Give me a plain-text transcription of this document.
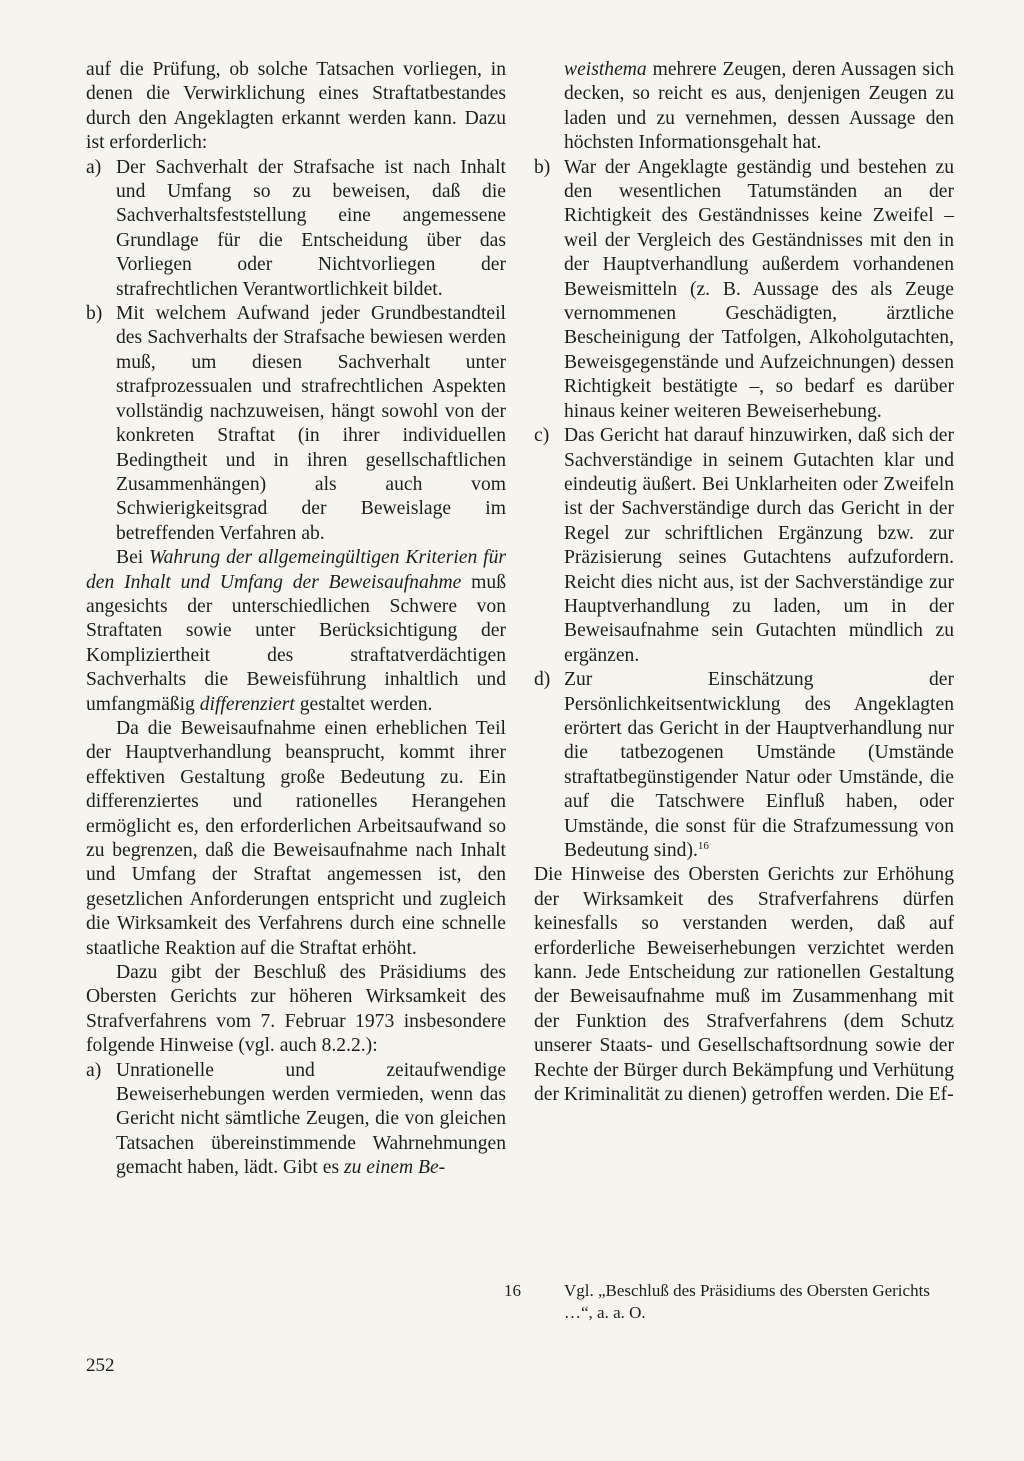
auf die Prüfung, ob solche Tatsachen vorliegen, in denen die Verwirklichung eines Straftatbestandes durch den Angeklagten erkannt werden kann. Dazu ist erforderlich:

a) Der Sachverhalt der Strafsache ist nach Inhalt und Umfang so zu beweisen, daß die Sachverhaltsfeststellung eine angemessene Grundlage für die Entscheidung über das Vorliegen oder Nichtvorliegen der strafrechtlichen Verantwortlichkeit bildet.

b) Mit welchem Aufwand jeder Grundbestandteil des Sachverhalts der Strafsache bewiesen werden muß, um diesen Sachverhalt unter strafprozessualen und strafrechtlichen Aspekten vollständig nachzuweisen, hängt sowohl von der konkreten Straftat (in ihrer individuellen Bedingtheit und in ihren gesellschaftlichen Zusammenhängen) als auch vom Schwierigkeitsgrad der Beweislage im betreffenden Verfahren ab.

Bei Wahrung der allgemeingültigen Kriterien für den Inhalt und Umfang der Beweisaufnahme muß angesichts der unterschiedlichen Schwere von Straftaten sowie unter Berücksichtigung der Kompliziertheit des straftatverdächtigen Sachverhalts die Beweisführung inhaltlich und umfangmäßig differenziert gestaltet werden.

Da die Beweisaufnahme einen erheblichen Teil der Hauptverhandlung beansprucht, kommt ihrer effektiven Gestaltung große Bedeutung zu. Ein differenziertes und rationelles Herangehen ermöglicht es, den erforderlichen Arbeitsaufwand so zu begrenzen, daß die Beweisaufnahme nach Inhalt und Umfang der Straftat angemessen ist, den gesetzlichen Anforderungen entspricht und zugleich die Wirksamkeit des Verfahrens durch eine schnelle staatliche Reaktion auf die Straftat erhöht.

Dazu gibt der Beschluß des Präsidiums des Obersten Gerichts zur höheren Wirksamkeit des Strafverfahrens vom 7. Februar 1973 insbesondere folgende Hinweise (vgl. auch 8.2.2.):

a) Unrationelle und zeitaufwendige Beweiserhebungen werden vermieden, wenn das Gericht nicht sämtliche Zeugen, die von gleichen Tatsachen übereinstimmende Wahrnehmungen gemacht haben, lädt. Gibt es zu einem Be-

weisthema mehrere Zeugen, deren Aussagen sich decken, so reicht es aus, denjenigen Zeugen zu laden und zu vernehmen, dessen Aussage den höchsten Informationsgehalt hat.

b) War der Angeklagte geständig und bestehen zu den wesentlichen Tatumständen an der Richtigkeit des Geständnisses keine Zweifel – weil der Vergleich des Geständnisses mit den in der Hauptverhandlung außerdem vorhandenen Beweismitteln (z. B. Aussage des als Zeuge vernommenen Geschädigten, ärztliche Bescheinigung der Tatfolgen, Alkoholgutachten, Beweisgegenstände und Aufzeichnungen) dessen Richtigkeit bestätigte –, so bedarf es darüber hinaus keiner weiteren Beweiserhebung.

c) Das Gericht hat darauf hinzuwirken, daß sich der Sachverständige in seinem Gutachten klar und eindeutig äußert. Bei Unklarheiten oder Zweifeln ist der Sachverständige durch das Gericht in der Regel zur schriftlichen Ergänzung bzw. zur Präzisierung seines Gutachtens aufzufordern. Reicht dies nicht aus, ist der Sachverständige zur Hauptverhandlung zu laden, um in der Beweisaufnahme sein Gutachten mündlich zu ergänzen.

d) Zur Einschätzung der Persönlichkeitsentwicklung des Angeklagten erörtert das Gericht in der Hauptverhandlung nur die tatbezogenen Umstände (Umstände straftatbegünstigender Natur oder Umstände, die auf die Tatschwere Einfluß haben, oder Umstände, die sonst für die Strafzumessung von Bedeutung sind).$^{16}$

Die Hinweise des Obersten Gerichts zur Erhöhung der Wirksamkeit des Strafverfahrens dürfen keinesfalls so verstanden werden, daß auf erforderliche Beweiserhebungen verzichtet werden kann. Jede Entscheidung zur rationellen Gestaltung der Beweisaufnahme muß im Zusammenhang mit der Funktion des Strafverfahrens (dem Schutz unserer Staats- und Gesellschaftsordnung sowie der Rechte der Bürger durch Bekämpfung und Verhütung der Kriminalität zu dienen) getroffen werden. Die Ef-

16	Vgl. „Beschluß des Präsidiums des Obersten Gerichts …“, a. a. O.

252
